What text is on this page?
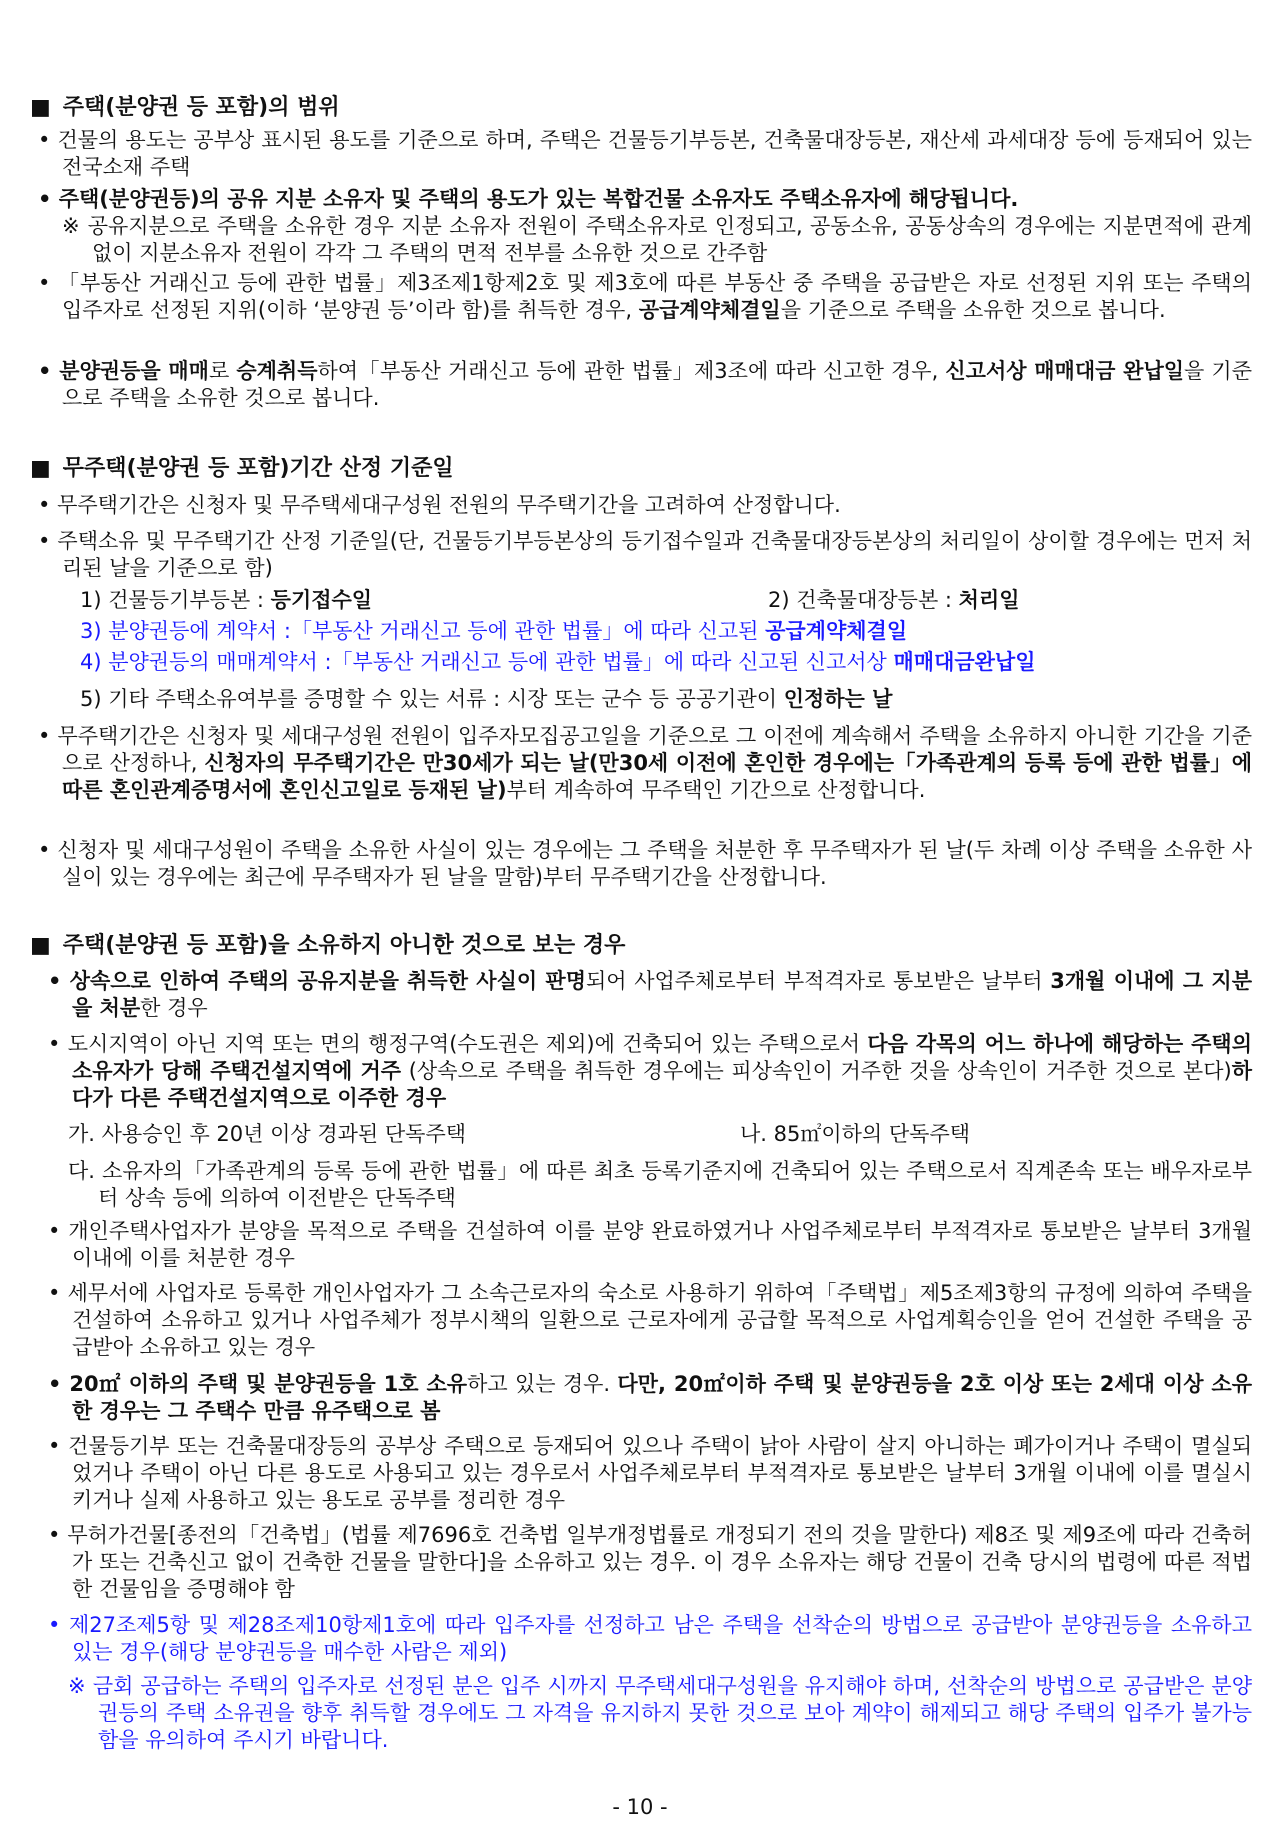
■ 주택(분양권 등 포함)의 범위
• 건물의 용도는 공부상 표시된 용도를 기준으로 하며, 주택은 건물등기부등본, 건축물대장등본, 재산세 과세대장 등에 등재되어 있는 전국소재 주택
• 주택(분양권등)의 공유 지분 소유자 및 주택의 용도가 있는 복합건물 소유자도 주택소유자에 해당됩니다.
※ 공유지분으로 주택을 소유한 경우 지분 소유자 전원이 주택소유자로 인정되고, 공동소유, 공동상속의 경우에는 지분면적에 관계없이 지분소유자 전원이 각각 그 주택의 면적 전부를 소유한 것으로 간주함
• 「부동산 거래신고 등에 관한 법률」제3조제1항제2호 및 제3호에 따른 부동산 중 주택을 공급받은 자로 선정된 지위 또는 주택의 입주자로 선정된 지위(이하 ‘분양권 등’이라 함)를 취득한 경우, 공급계약체결일을 기준으로 주택을 소유한 것으로 봅니다.
• 분양권등을 매매로 승계취득하여「부동산 거래신고 등에 관한 법률」제3조에 따라 신고한 경우, 신고서상 매매대금 완납일을 기준으로 주택을 소유한 것으로 봅니다.
■ 무주택(분양권 등 포함)기간 산정 기준일
• 무주택기간은 신청자 및 무주택세대구성원 전원의 무주택기간을 고려하여 산정합니다.
• 주택소유 및 무주택기간 산정 기준일(단, 건물등기부등본상의 등기접수일과 건축물대장등본상의 처리일이 상이할 경우에는 먼저 처리된 날을 기준으로 함)
1) 건물등기부등본 : 등기접수일	2) 건축물대장등본 : 처리일
3) 분양권등에 계약서 :「부동산 거래신고 등에 관한 법률」에 따라 신고된 공급계약체결일
4) 분양권등의 매매계약서 :「부동산 거래신고 등에 관한 법률」에 따라 신고된 신고서상 매매대금완납일
5) 기타 주택소유여부를 증명할 수 있는 서류 : 시장 또는 군수 등 공공기관이 인정하는 날
• 무주택기간은 신청자 및 세대구성원 전원이 입주자모집공고일을 기준으로 그 이전에 계속해서 주택을 소유하지 아니한 기간을 기준으로 산정하나, 신청자의 무주택기간은 만30세가 되는 날(만30세 이전에 혼인한 경우에는「가족관계의 등록 등에 관한 법률」에 따른 혼인관계증명서에 혼인신고일로 등재된 날)부터 계속하여 무주택인 기간으로 산정합니다.
• 신청자 및 세대구성원이 주택을 소유한 사실이 있는 경우에는 그 주택을 처분한 후 무주택자가 된 날(두 차례 이상 주택을 소유한 사실이 있는 경우에는 최근에 무주택자가 된 날을 말함)부터 무주택기간을 산정합니다.
■ 주택(분양권 등 포함)을 소유하지 아니한 것으로 보는 경우
• 상속으로 인하여 주택의 공유지분을 취득한 사실이 판명되어 사업주체로부터 부적격자로 통보받은 날부터 3개월 이내에 그 지분을 처분한 경우
• 도시지역이 아닌 지역 또는 면의 행정구역(수도권은 제외)에 건축되어 있는 주택으로서 다음 각목의 어느 하나에 해당하는 주택의 소유자가 당해 주택건설지역에 거주 (상속으로 주택을 취득한 경우에는 피상속인이 거주한 것을 상속인이 거주한 것으로 본다)하다가 다른 주택건설지역으로 이주한 경우
가. 사용승인 후 20년 이상 경과된 단독주택	나. 85㎡이하의 단독주택
다. 소유자의「가족관계의 등록 등에 관한 법률」에 따른 최초 등록기준지에 건축되어 있는 주택으로서 직계존속 또는 배우자로부터 상속 등에 의하여 이전받은 단독주택
• 개인주택사업자가 분양을 목적으로 주택을 건설하여 이를 분양 완료하였거나 사업주체로부터 부적격자로 통보받은 날부터 3개월 이내에 이를 처분한 경우
• 세무서에 사업자로 등록한 개인사업자가 그 소속근로자의 숙소로 사용하기 위하여「주택법」제5조제3항의 규정에 의하여 주택을 건설하여 소유하고 있거나 사업주체가 정부시책의 일환으로 근로자에게 공급할 목적으로 사업계획승인을 얻어 건설한 주택을 공급받아 소유하고 있는 경우
• 20㎡ 이하의 주택 및 분양권등을 1호 소유하고 있는 경우. 다만, 20㎡이하 주택 및 분양권등을 2호 이상 또는 2세대 이상 소유한 경우는 그 주택수 만큼 유주택으로 봄
• 건물등기부 또는 건축물대장등의 공부상 주택으로 등재되어 있으나 주택이 낡아 사람이 살지 아니하는 폐가이거나 주택이 멸실되었거나 주택이 아닌 다른 용도로 사용되고 있는 경우로서 사업주체로부터 부적격자로 통보받은 날부터 3개월 이내에 이를 멸실시키거나 실제 사용하고 있는 용도로 공부를 정리한 경우
• 무허가건물[종전의「건축법」(법률 제7696호 건축법 일부개정법률로 개정되기 전의 것을 말한다) 제8조 및 제9조에 따라 건축허가 또는 건축신고 없이 건축한 건물을 말한다]을 소유하고 있는 경우. 이 경우 소유자는 해당 건물이 건축 당시의 법령에 따른 적법한 건물임을 증명해야 함
• 제27조제5항 및 제28조제10항제1호에 따라 입주자를 선정하고 남은 주택을 선착순의 방법으로 공급받아 분양권등을 소유하고 있는 경우(해당 분양권등을 매수한 사람은 제외)
※ 금회 공급하는 주택의 입주자로 선정된 분은 입주 시까지 무주택세대구성원을 유지해야 하며, 선착순의 방법으로 공급받은 분양권등의 주택 소유권을 향후 취득할 경우에도 그 자격을 유지하지 못한 것으로 보아 계약이 해제되고 해당 주택의 입주가 불가능함을 유의하여 주시기 바랍니다.
- 10 -
